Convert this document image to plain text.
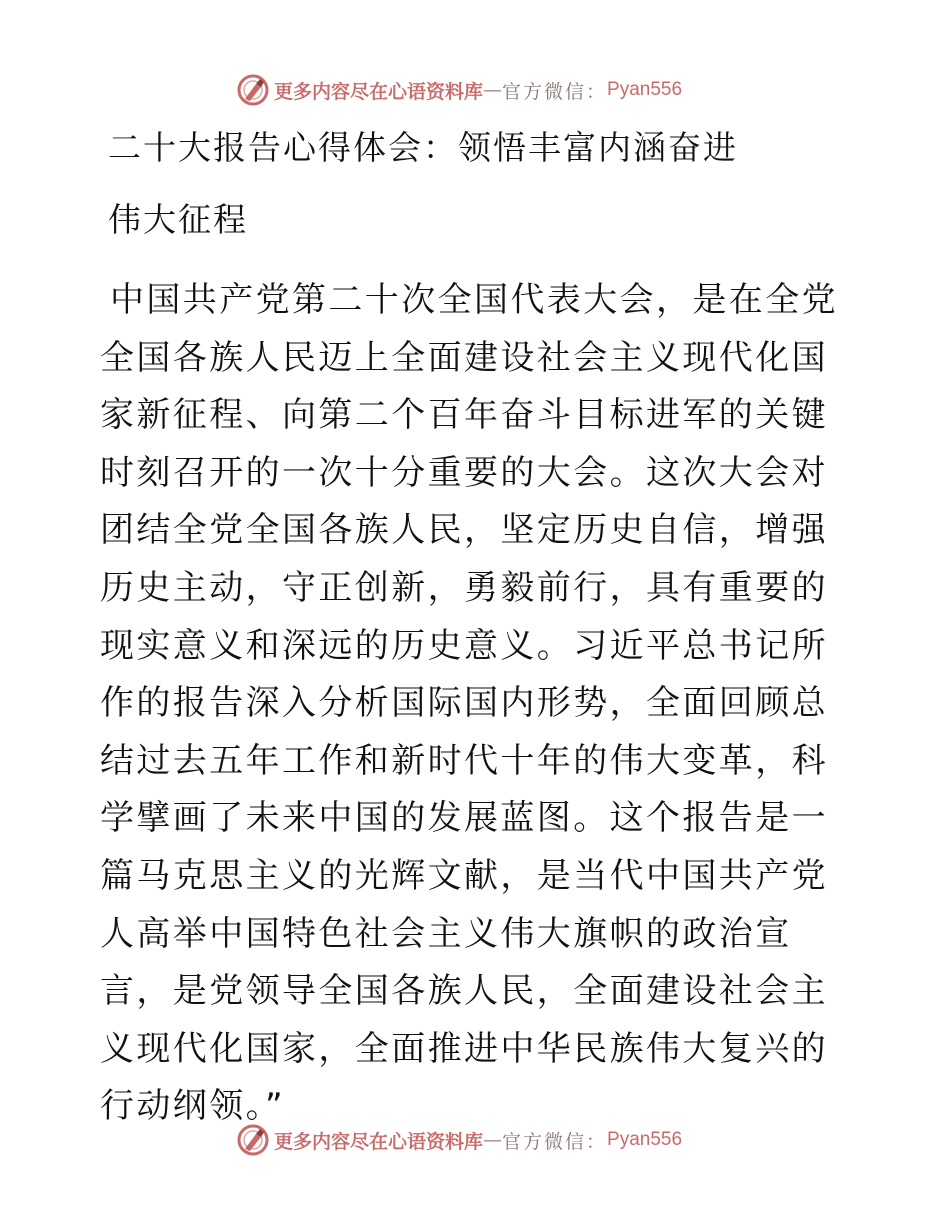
更多内容尽在心语资料库 — 官方微信： Pyan556
二十大报告心得体会：领悟丰富内涵奋进
伟大征程

中国共产党第二十次全国代表大会，是在全党全国各族人民迈上全面建设社会主义现代化国家新征程、向第二个百年奋斗目标进军的关键时刻召开的一次十分重要的大会。这次大会对团结全党全国各族人民，坚定历史自信，增强历史主动，守正创新，勇毅前行，具有重要的现实意义和深远的历史意义。习近平总书记所作的报告深入分析国际国内形势，全面回顾总结过去五年工作和新时代十年的伟大变革，科学擘画了未来中国的发展蓝图。这个报告是一篇马克思主义的光辉文献，是当代中国共产党人高举中国特色社会主义伟大旗帜的政治宣言，是党领导全国各族人民，全面建设社会主义现代化国家，全面推进中华民族伟大复兴的行动纲领。”

更多内容尽在心语资料库 — 官方微信： Pyan556
